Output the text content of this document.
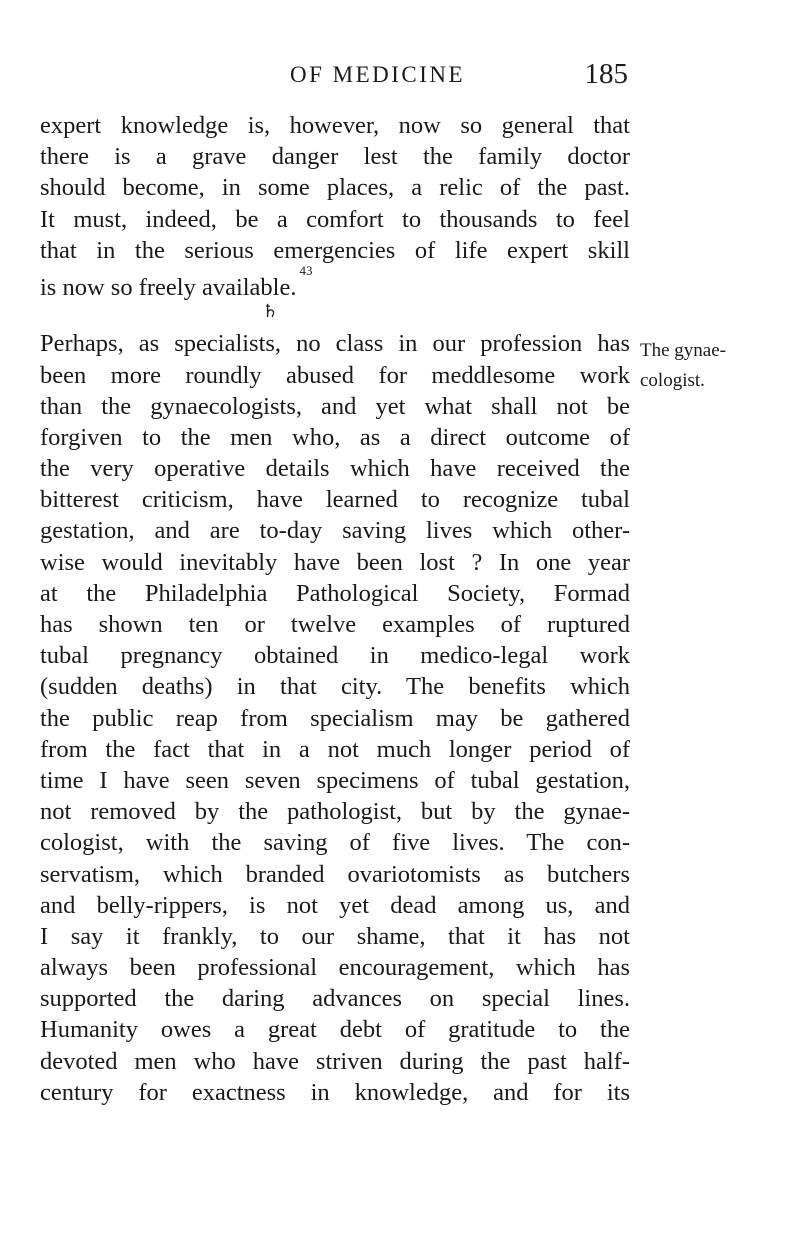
OF MEDICINE	185
expert knowledge is, however, now so general that
there is a grave danger lest the family doctor
should become, in some places, a relic of the past.
It must, indeed, be a comfort to thousands to feel
that in the serious emergencies of life expert skill
is now so freely available.$^{43}$
♄
Perhaps, as specialists, no class in our profession has
been more roundly abused for meddlesome work
than the gynaecologists, and yet what shall not be
forgiven to the men who, as a direct outcome of
the very operative details which have received the
bitterest criticism, have learned to recognize tubal
gestation, and are to-day saving lives which other-
wise would inevitably have been lost ? In one year
at the Philadelphia Pathological Society, Formad
has shown ten or twelve examples of ruptured
tubal pregnancy obtained in medico-legal work
(sudden deaths) in that city. The benefits which
the public reap from specialism may be gathered
from the fact that in a not much longer period of
time I have seen seven specimens of tubal gestation,
not removed by the pathologist, but by the gynae-
cologist, with the saving of five lives. The con-
servatism, which branded ovariotomists as butchers
and belly-rippers, is not yet dead among us, and
I say it frankly, to our shame, that it has not
always been professional encouragement, which has
supported the daring advances on special lines.
Humanity owes a great debt of gratitude to the
devoted men who have striven during the past half-
century for exactness in knowledge, and for its
The gynae-
cologist.
